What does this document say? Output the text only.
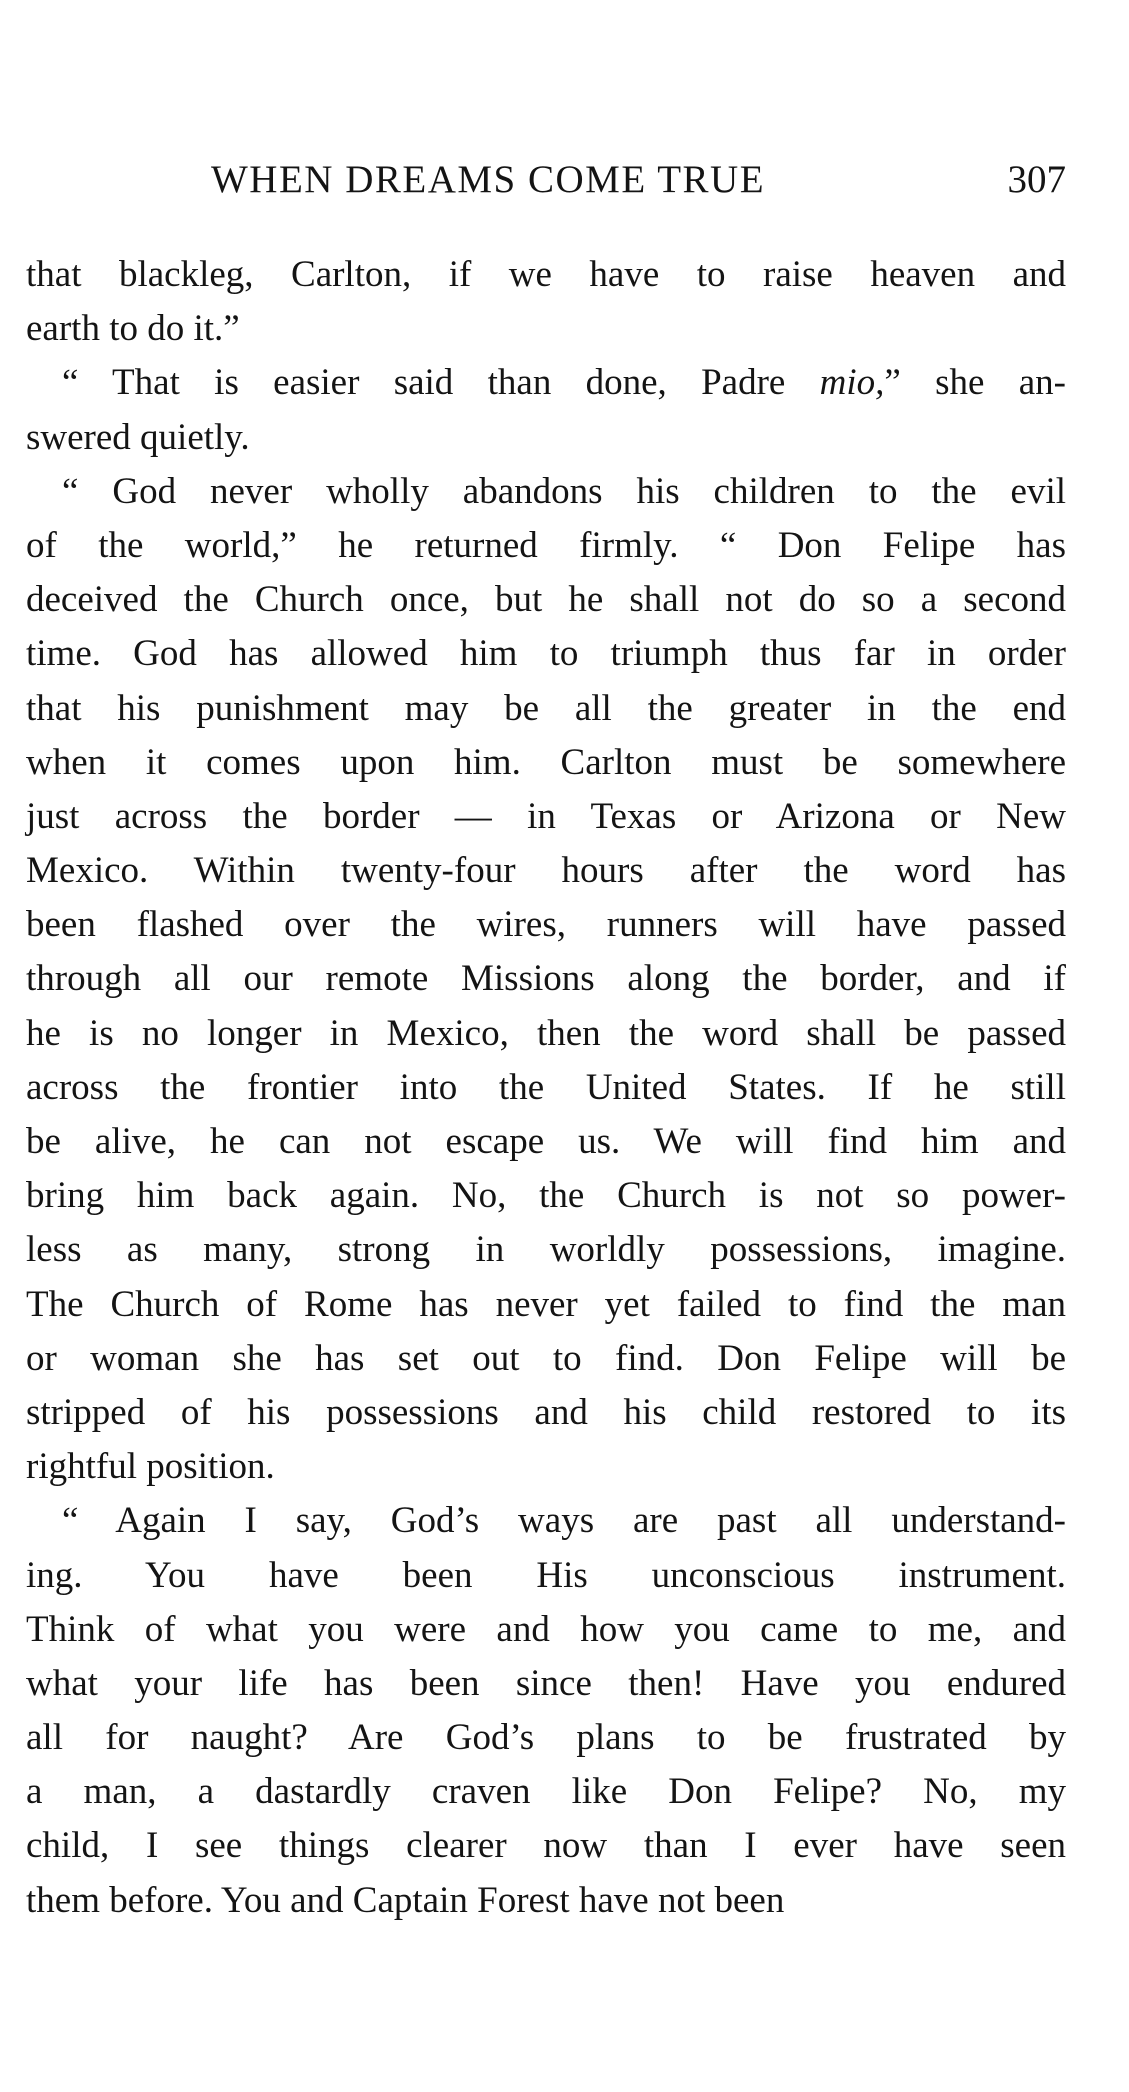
WHEN DREAMS COME TRUE	307
that blackleg, Carlton, if we have to raise heaven and
earth to do it.”
“ That is easier said than done, Padre mio,” she an-
swered quietly.
“ God never wholly abandons his children to the evil
of the world,” he returned firmly. “ Don Felipe has
deceived the Church once, but he shall not do so a second
time. God has allowed him to triumph thus far in order
that his punishment may be all the greater in the end
when it comes upon him. Carlton must be somewhere
just across the border — in Texas or Arizona or New
Mexico. Within twenty-four hours after the word has
been flashed over the wires, runners will have passed
through all our remote Missions along the border, and if
he is no longer in Mexico, then the word shall be passed
across the frontier into the United States. If he still
be alive, he can not escape us. We will find him and
bring him back again. No, the Church is not so power-
less as many, strong in worldly possessions, imagine.
The Church of Rome has never yet failed to find the man
or woman she has set out to find. Don Felipe will be
stripped of his possessions and his child restored to its
rightful position.
“ Again I say, God’s ways are past all understand-
ing. You have been His unconscious instrument.
Think of what you were and how you came to me, and
what your life has been since then! Have you endured
all for naught? Are God’s plans to be frustrated by
a man, a dastardly craven like Don Felipe? No, my
child, I see things clearer now than I ever have seen
them before. You and Captain Forest have not been
